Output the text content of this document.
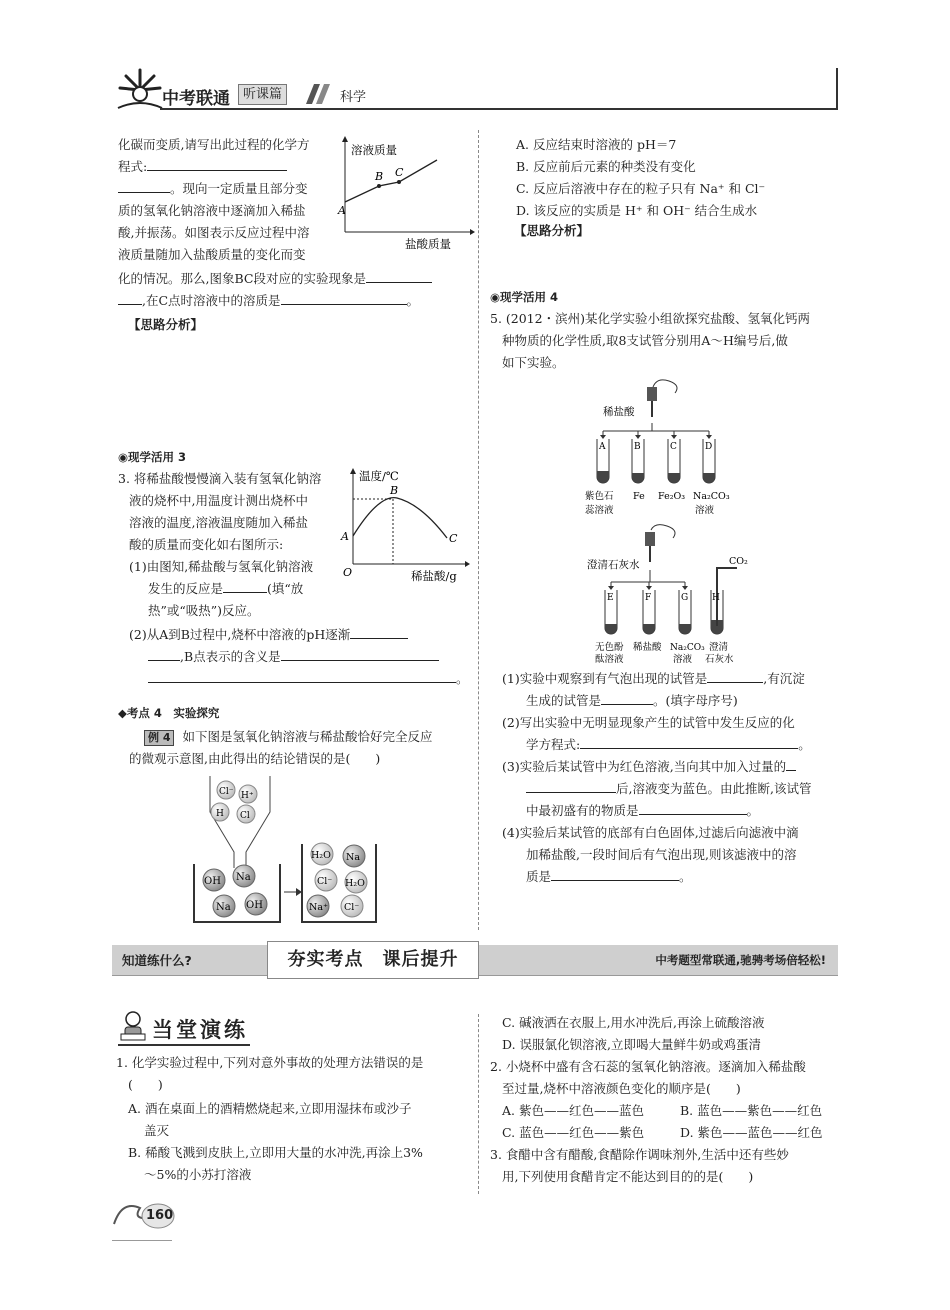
中考联通	听课篇	科学
化碳而变质,请写出此过程的化学方
程式:
。现向一定质量且部分变
质的氢氧化钠溶液中逐滴加入稀盐
酸,并振荡。如图表示反应过程中溶
液质量随加入盐酸质量的变化而变
化的情况。那么,图象BC段对应的实验现象是
,在C点时溶液中的溶质是	。
【思路分析】
溶液质量
盐酸质量
A
B C
◉现学活用 3
3. 将稀盐酸慢慢滴入装有氢氧化钠溶
液的烧杯中,用温度计测出烧杯中
溶液的温度,溶液温度随加入稀盐
酸的质量而变化如右图所示:
(1)由图知,稀盐酸与氢氧化钠溶液
发生的反应是	(填“放
热”或“吸热”)反应。
(2)从A到B过程中,烧杯中溶液的pH逐渐
,B点表示的含义是
。
温度/℃
稀盐酸/g
O
A
B
C
◆考点 4　实验探究
例 4 如下图是氢氧化钠溶液与稀盐酸恰好完全反应
的微观示意图,由此得出的结论错误的是(　　)
Cl⁻ H⁺
H Cl
OH Na
Na OH
H₂O Na
Cl⁻ H₂O
Na⁺ Cl⁻
A. 反应结束时溶液的 pH＝7
B. 反应前后元素的种类没有变化
C. 反应后溶液中存在的粒子只有 Na⁺ 和 Cl⁻
D. 该反应的实质是 H⁺ 和 OH⁻ 结合生成水
【思路分析】
◉现学活用 4
5. (2012・滨州)某化学实验小组欲探究盐酸、氢氧化钙两
种物质的化学性质,取8支试管分别用A～H编号后,做
如下实验。
稀盐酸
A	B	C	D
紫色石
蕊溶液
Fe Fe₂O₃ Na₂CO₃
溶液
澄清石灰水	CO₂
E	F	G	H
无色酚
酞溶液
稀盐酸 Na₂CO₃
溶液
澄清
石灰水
(1)实验中观察到有气泡出现的试管是	,有沉淀
生成的试管是	。(填字母序号)
(2)写出实验中无明显现象产生的试管中发生反应的化
学方程式:	。
(3)实验后某试管中为红色溶液,当向其中加入过量的
后,溶液变为蓝色。由此推断,该试管
中最初盛有的物质是	。
(4)实验后某试管的底部有白色固体,过滤后向滤液中滴
加稀盐酸,一段时间后有气泡出现,则该滤液中的溶
质是	。
知道练什么?	夯实考点　课后提升	中考题型常联通,驰骋考场倍轻松!
当堂演练
1. 化学实验过程中,下列对意外事故的处理方法错误的是
(　　)
A. 酒在桌面上的酒精燃烧起来,立即用湿抹布或沙子
盖灭
B. 稀酸飞溅到皮肤上,立即用大量的水冲洗,再涂上3%
～5%的小苏打溶液
C. 碱液洒在衣服上,用水冲洗后,再涂上硫酸溶液
D. 误服氯化钡溶液,立即喝大量鲜牛奶或鸡蛋清
2. 小烧杯中盛有含石蕊的氢氧化钠溶液。逐滴加入稀盐酸
至过量,烧杯中溶液颜色变化的顺序是(　　)
A. 紫色——红色——蓝色	B. 蓝色——紫色——红色
C. 蓝色——红色——紫色	D. 紫色——蓝色——红色
3. 食醋中含有醋酸,食醋除作调味剂外,生活中还有些妙
用,下列使用食醋肯定不能达到目的的是(　　)
160
